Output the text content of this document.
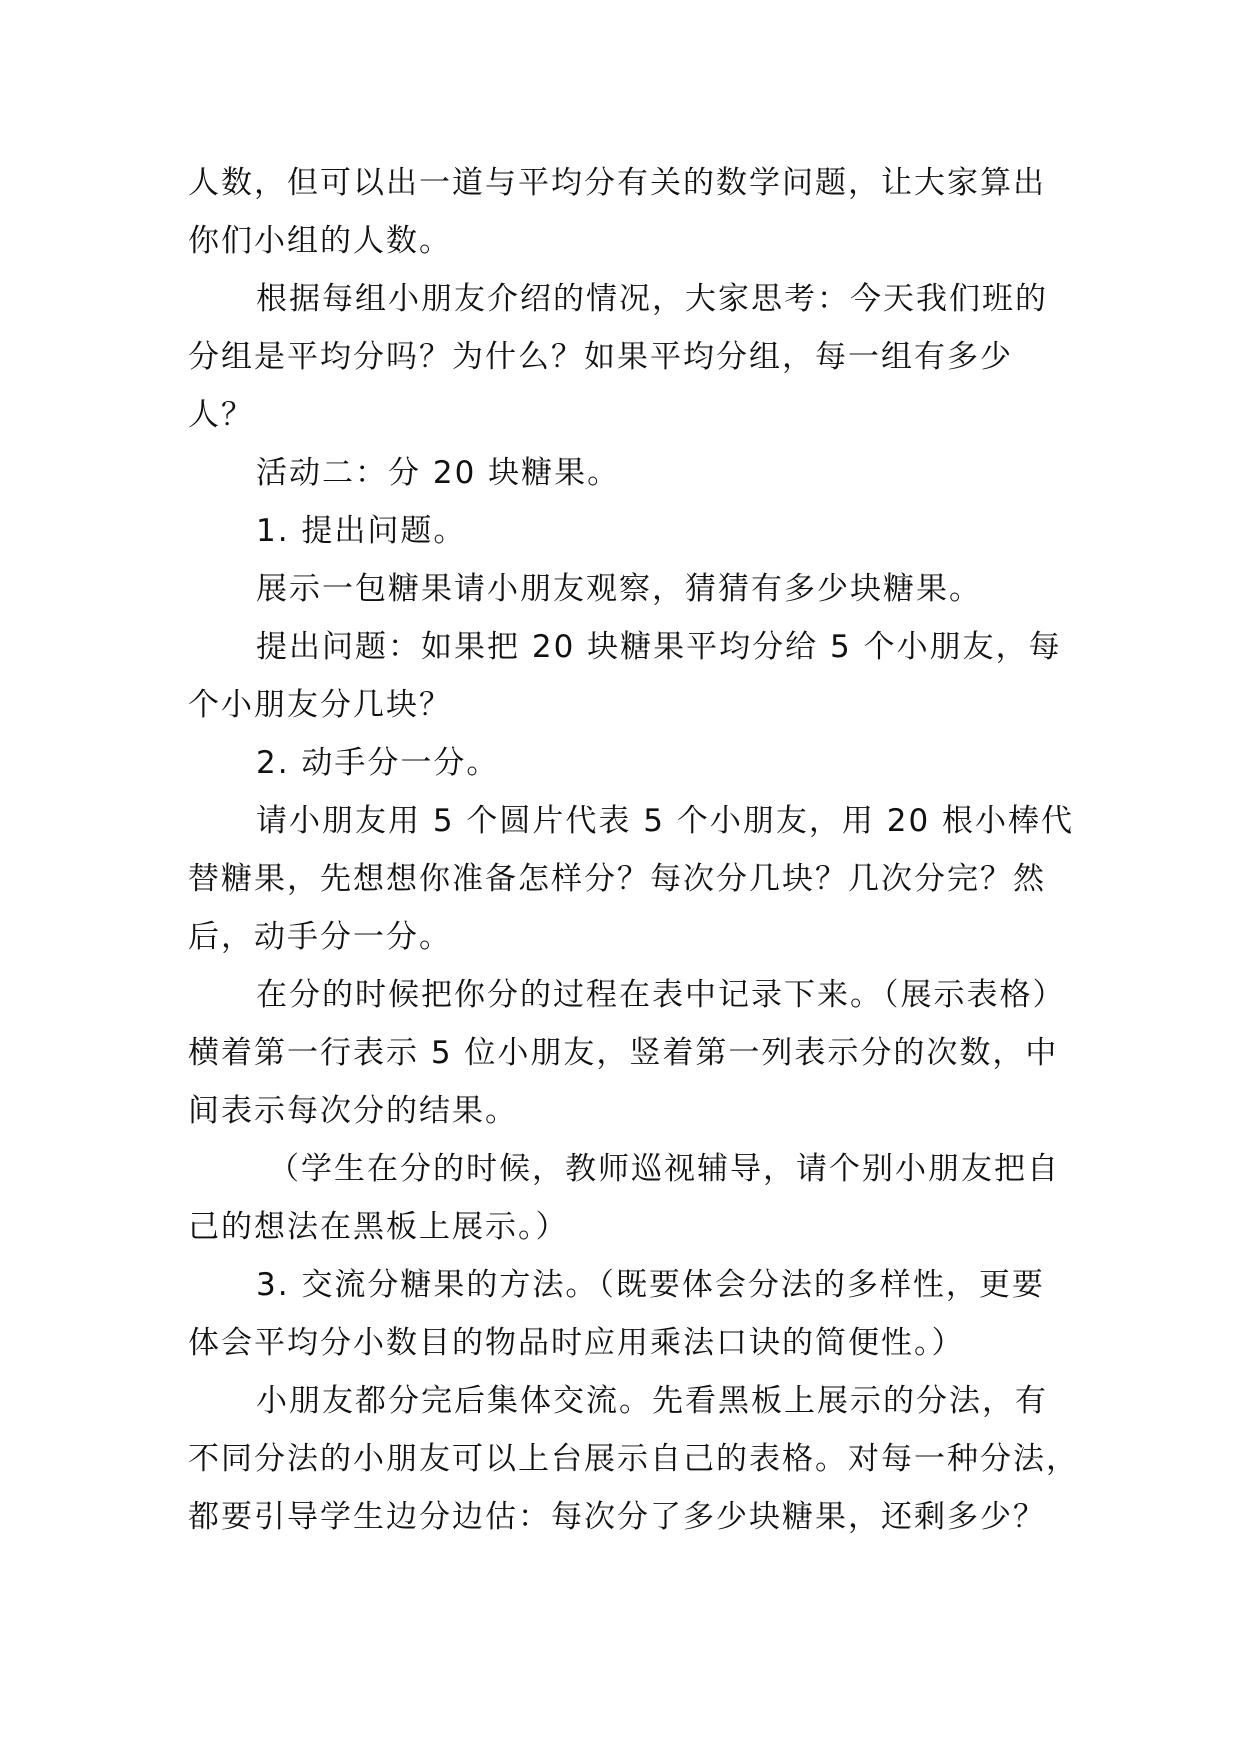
人数，但可以出一道与平均分有关的数学问题，让大家算出
你们小组的人数。
根据每组小朋友介绍的情况，大家思考：今天我们班的
分组是平均分吗？为什么？如果平均分组，每一组有多少
人？
活动二：分 20 块糖果。
1. 提出问题。
展示一包糖果请小朋友观察，猜猜有多少块糖果。
提出问题：如果把 20 块糖果平均分给 5 个小朋友，每
个小朋友分几块？
2. 动手分一分。
请小朋友用 5 个圆片代表 5 个小朋友，用 20 根小棒代
替糖果，先想想你准备怎样分？每次分几块？几次分完？然
后，动手分一分。
在分的时候把你分的过程在表中记录下来。（展示表格）
横着第一行表示 5 位小朋友，竖着第一列表示分的次数，中
间表示每次分的结果。
（学生在分的时候，教师巡视辅导，请个别小朋友把自
己的想法在黑板上展示。）
3. 交流分糖果的方法。（既要体会分法的多样性，更要
体会平均分小数目的物品时应用乘法口诀的简便性。）
小朋友都分完后集体交流。先看黑板上展示的分法，有
不同分法的小朋友可以上台展示自己的表格。对每一种分法，
都要引导学生边分边估：每次分了多少块糖果，还剩多少？
